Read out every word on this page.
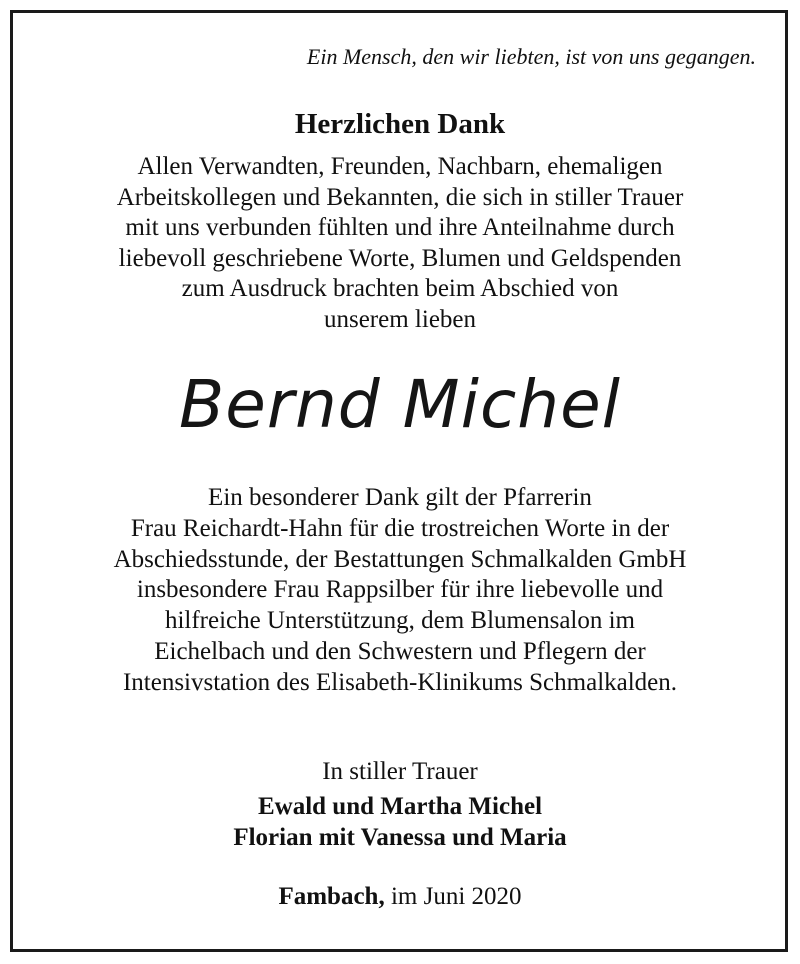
Ein Mensch, den wir liebten, ist von uns gegangen.
Herzlichen Dank
Allen Verwandten, Freunden, Nachbarn, ehemaligen
Arbeitskollegen und Bekannten, die sich in stiller Trauer
mit uns verbunden fühlten und ihre Anteilnahme durch
liebevoll geschriebene Worte, Blumen und Geldspenden
zum Ausdruck brachten beim Abschied von
unserem lieben
Bernd Michel
Ein besonderer Dank gilt der Pfarrerin
Frau Reichardt-Hahn für die trostreichen Worte in der
Abschiedsstunde, der Bestattungen Schmalkalden GmbH
insbesondere Frau Rappsilber für ihre liebevolle und
hilfreiche Unterstützung, dem Blumensalon im
Eichelbach und den Schwestern und Pflegern der
Intensivstation des Elisabeth-Klinikums Schmalkalden.
In stiller Trauer
Ewald und Martha Michel
Florian mit Vanessa und Maria
Fambach, im Juni 2020
